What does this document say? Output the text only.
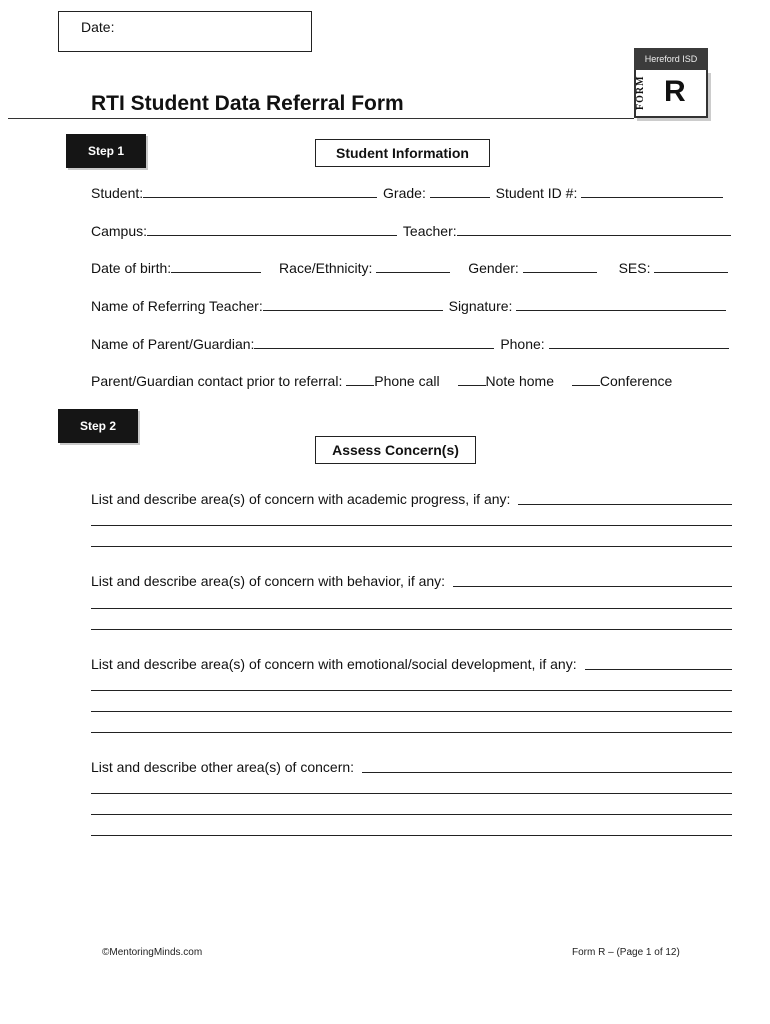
Date:
Hereford ISD
FORM R
RTI Student Data Referral Form
Step 1	Student Information
Student:	Grade:	Student ID #:
Campus:	Teacher:
Date of birth:	Race/Ethnicity:	Gender:	SES:
Name of Referring Teacher:	Signature:
Name of Parent/Guardian:	Phone:
Parent/Guardian contact prior to referral: Phone call	Note home	Conference
Step 2
Assess Concern(s)
List and describe area(s) of concern with academic progress, if any:
List and describe area(s) of concern with behavior, if any:
List and describe area(s) of concern with emotional/social development, if any:
List and describe other area(s) of concern:
©MentoringMinds.com	Form R – (Page 1 of 12)
